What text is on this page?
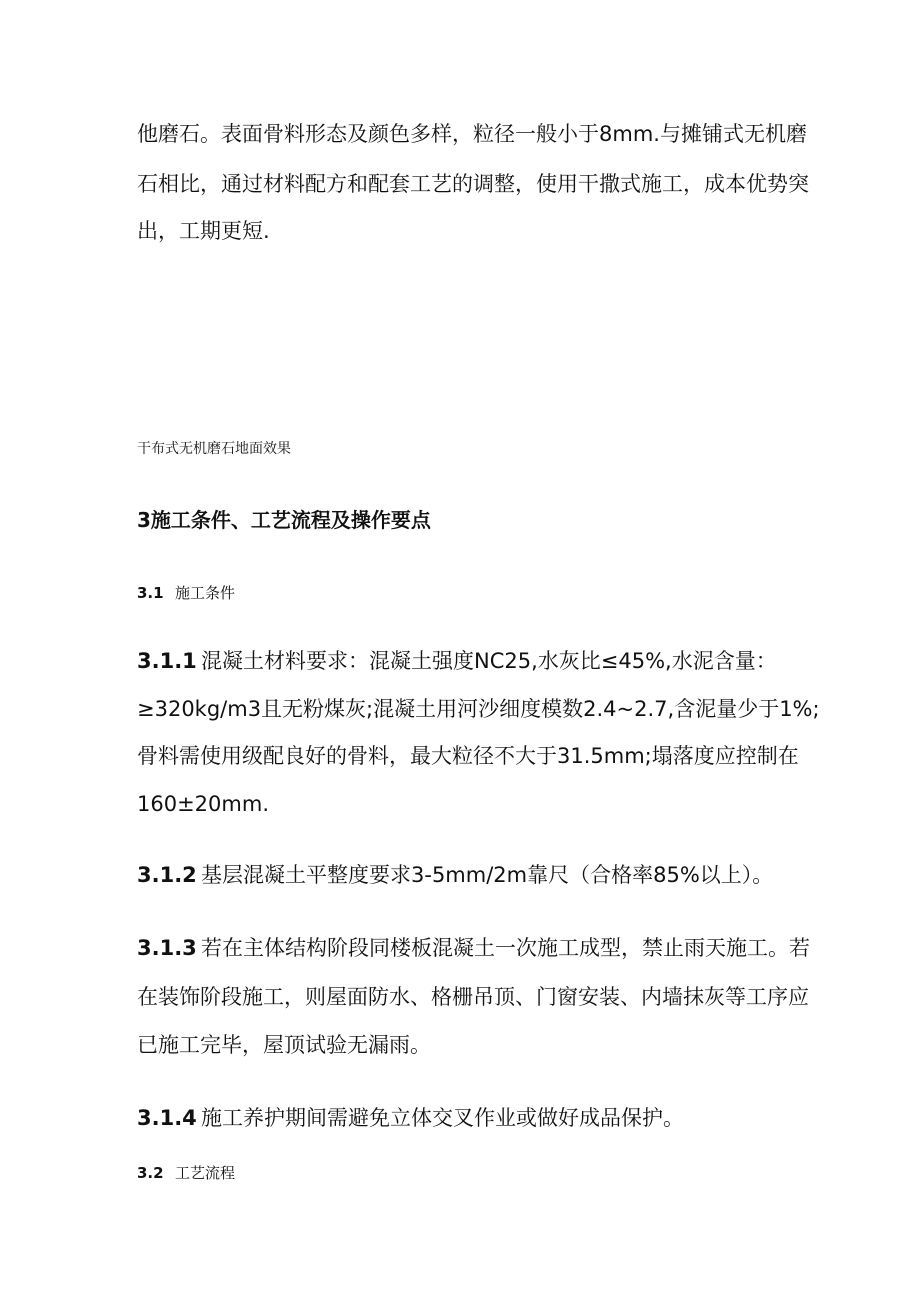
他磨石。表面骨料形态及颜色多样，粒径一般小于8mm.与摊铺式无机磨
石相比，通过材料配方和配套工艺的调整，使用干撒式施工，成本优势突
出，工期更短.
干布式无机磨石地面效果
3施工条件、工艺流程及操作要点
3.1 施工条件
3.1.1 混凝土材料要求：混凝土强度NC25,水灰比≤45%,水泥含量：
≥320kg/m3且无粉煤灰;混凝土用河沙细度模数2.4~2.7,含泥量少于1%;
骨料需使用级配良好的骨料，最大粒径不大于31.5mm;塌落度应控制在
160±20mm.
3.1.2 基层混凝土平整度要求3-5mm/2m靠尺（合格率85%以上）。
3.1.3 若在主体结构阶段同楼板混凝土一次施工成型，禁止雨天施工。若
在装饰阶段施工，则屋面防水、格栅吊顶、门窗安装、内墙抹灰等工序应
已施工完毕，屋顶试验无漏雨。
3.1.4 施工养护期间需避免立体交叉作业或做好成品保护。
3.2 工艺流程
